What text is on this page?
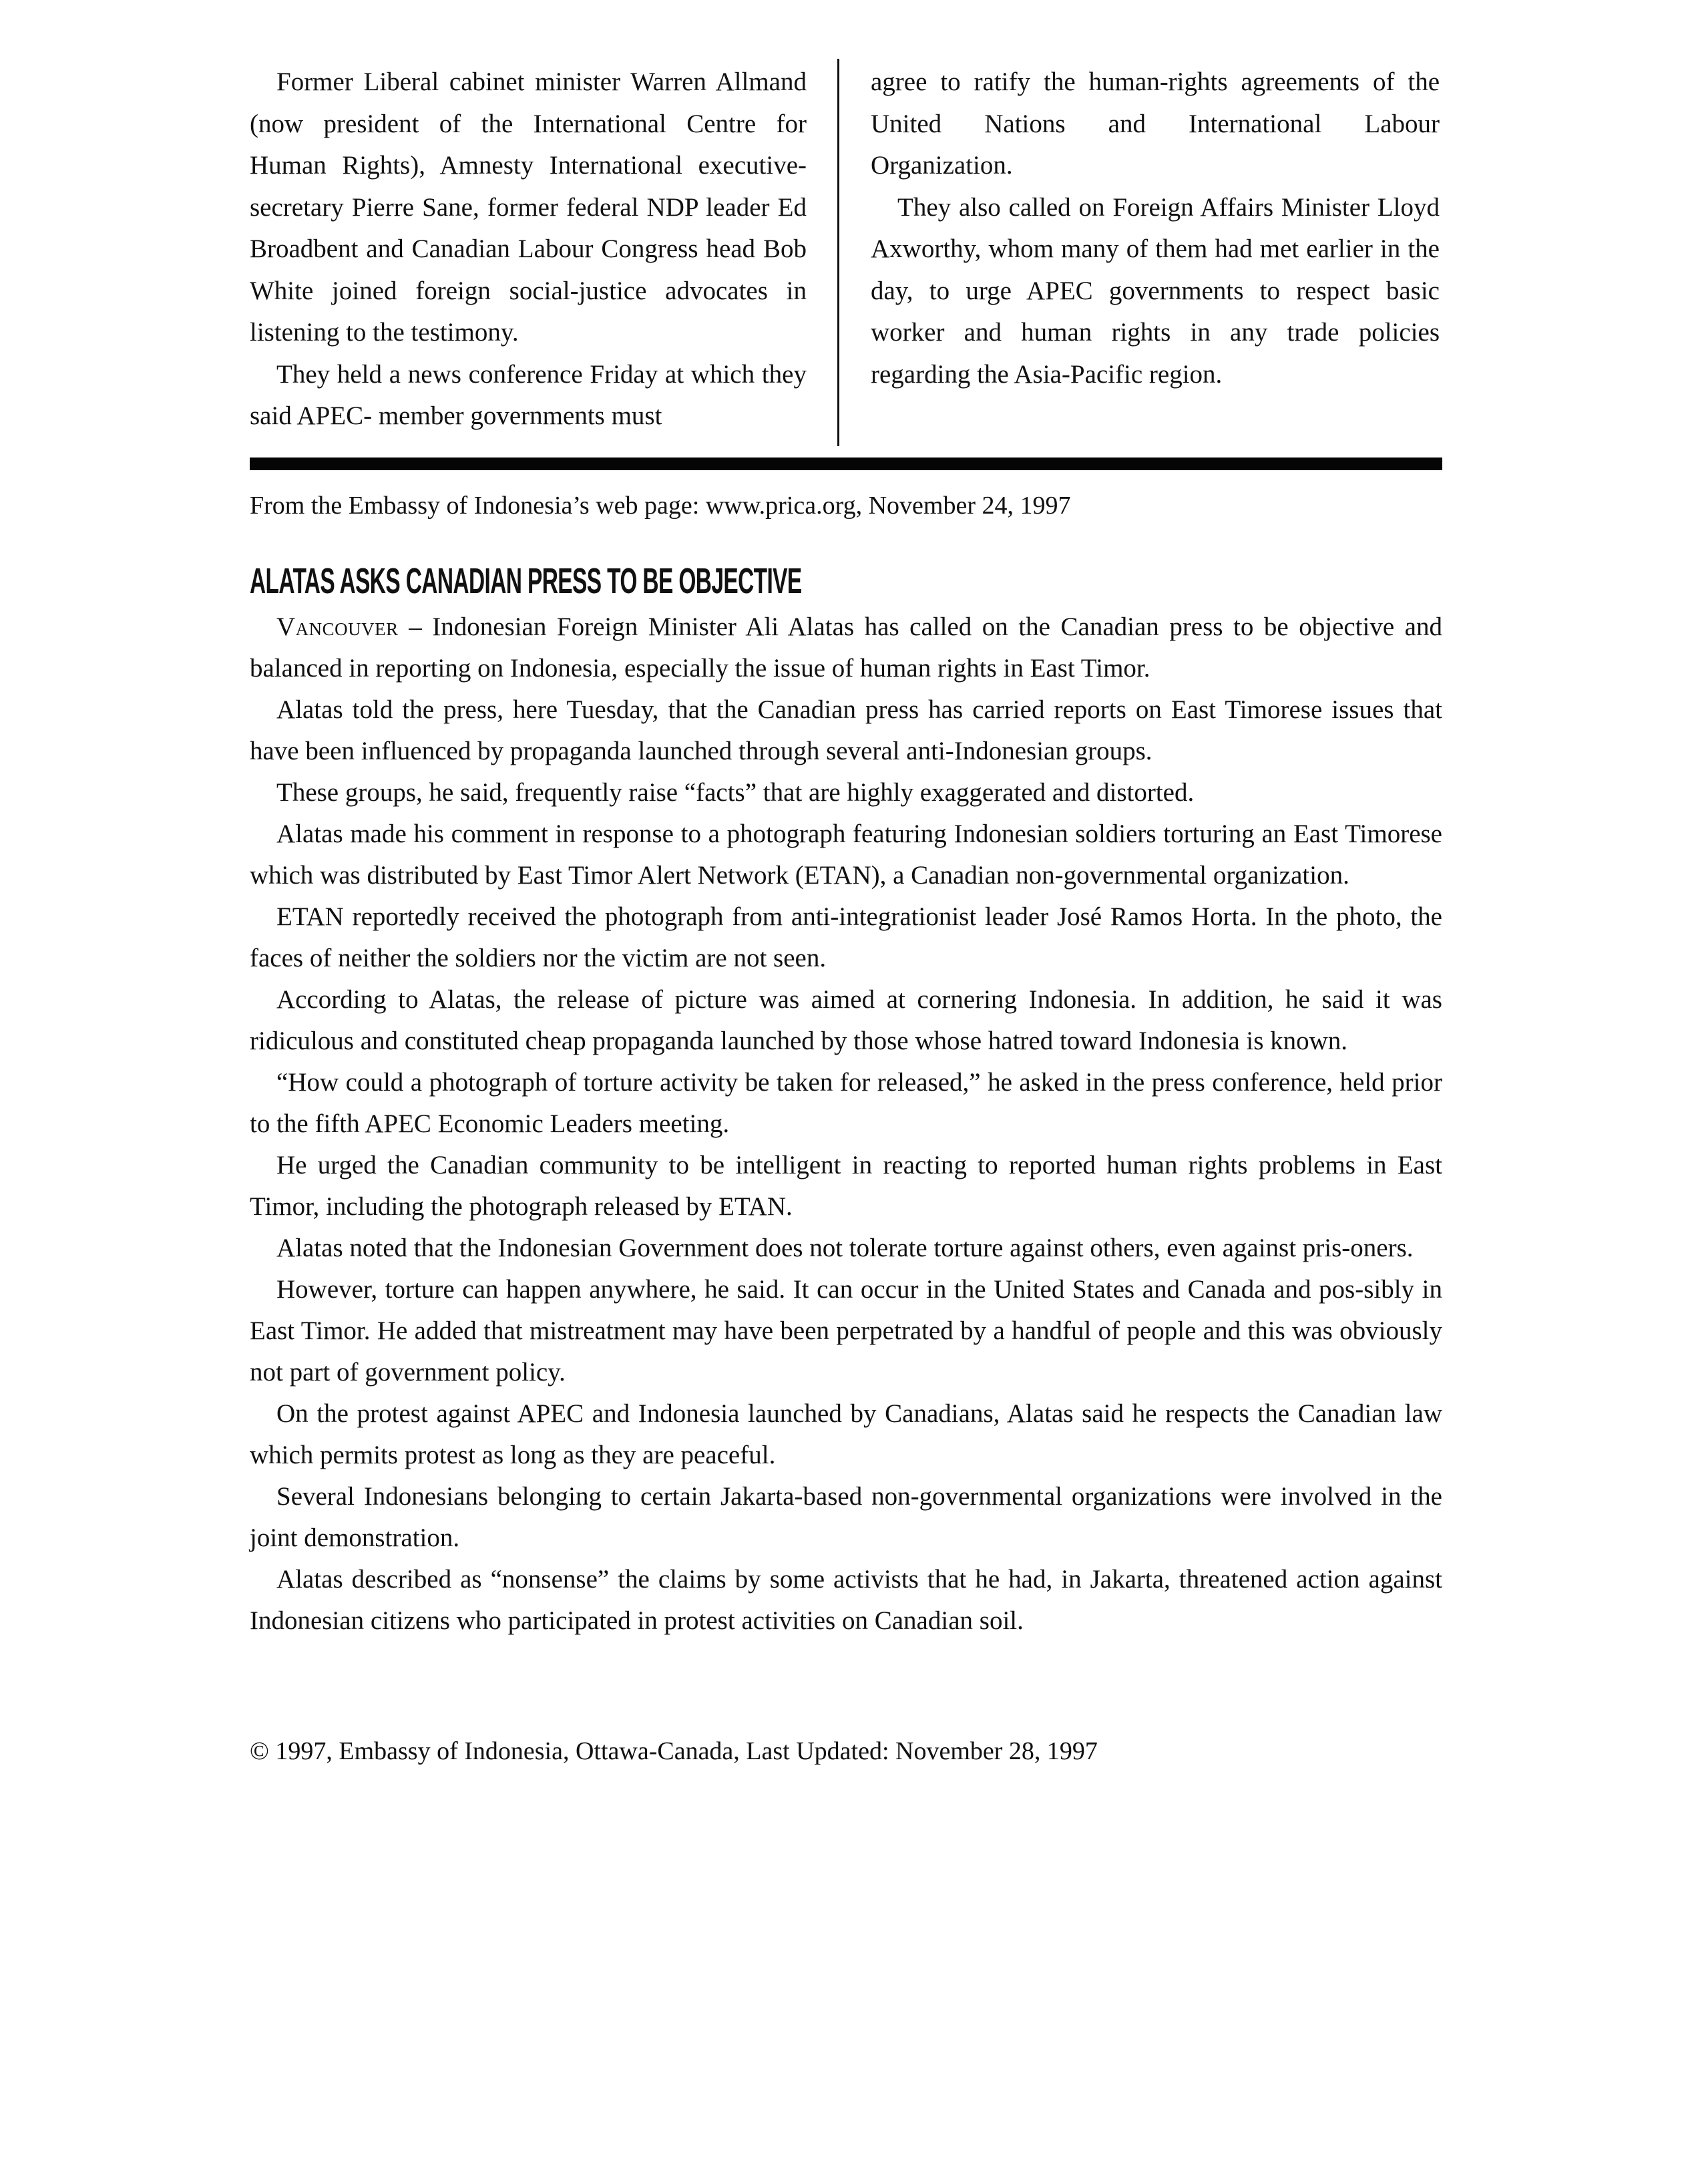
Former Liberal cabinet minister Warren Allmand (now president of the International Centre for Human Rights), Amnesty International executive-secretary Pierre Sane, former federal NDP leader Ed Broadbent and Canadian Labour Congress head Bob White joined foreign social-justice advocates in listening to the testimony.

They held a news conference Friday at which they said APEC- member governments must

agree to ratify the human-rights agreements of the United Nations and International Labour Organization.

They also called on Foreign Affairs Minister Lloyd Axworthy, whom many of them had met earlier in the day, to urge APEC governments to respect basic worker and human rights in any trade policies regarding the Asia-Pacific region.

From the Embassy of Indonesia’s web page: www.prica.org, November 24, 1997
ALATAS ASKS CANADIAN PRESS TO BE OBJECTIVE

Vancouver – Indonesian Foreign Minister Ali Alatas has called on the Canadian press to be objective and balanced in reporting on Indonesia, especially the issue of human rights in East Timor.

Alatas told the press, here Tuesday, that the Canadian press has carried reports on East Timorese issues that have been influenced by propaganda launched through several anti-Indonesian groups.

These groups, he said, frequently raise “facts” that are highly exaggerated and distorted.

Alatas made his comment in response to a photograph featuring Indonesian soldiers torturing an East Timorese which was distributed by East Timor Alert Network (ETAN), a Canadian non-governmental organization.

ETAN reportedly received the photograph from anti-integrationist leader José Ramos Horta. In the photo, the faces of neither the soldiers nor the victim are not seen.

According to Alatas, the release of picture was aimed at cornering Indonesia. In addition, he said it was ridiculous and constituted cheap propaganda launched by those whose hatred toward Indonesia is known.

“How could a photograph of torture activity be taken for released,” he asked in the press conference, held prior to the fifth APEC Economic Leaders meeting.

He urged the Canadian community to be intelligent in reacting to reported human rights problems in East Timor, including the photograph released by ETAN.

Alatas noted that the Indonesian Government does not tolerate torture against others, even against pris-oners.

However, torture can happen anywhere, he said. It can occur in the United States and Canada and pos-sibly in East Timor. He added that mistreatment may have been perpetrated by a handful of people and this was obviously not part of government policy.

On the protest against APEC and Indonesia launched by Canadians, Alatas said he respects the Canadian law which permits protest as long as they are peaceful.

Several Indonesians belonging to certain Jakarta-based non-governmental organizations were involved in the joint demonstration.

Alatas described as “nonsense” the claims by some activists that he had, in Jakarta, threatened action against Indonesian citizens who participated in protest activities on Canadian soil.

© 1997, Embassy of Indonesia, Ottawa-Canada, Last Updated: November 28, 1997
